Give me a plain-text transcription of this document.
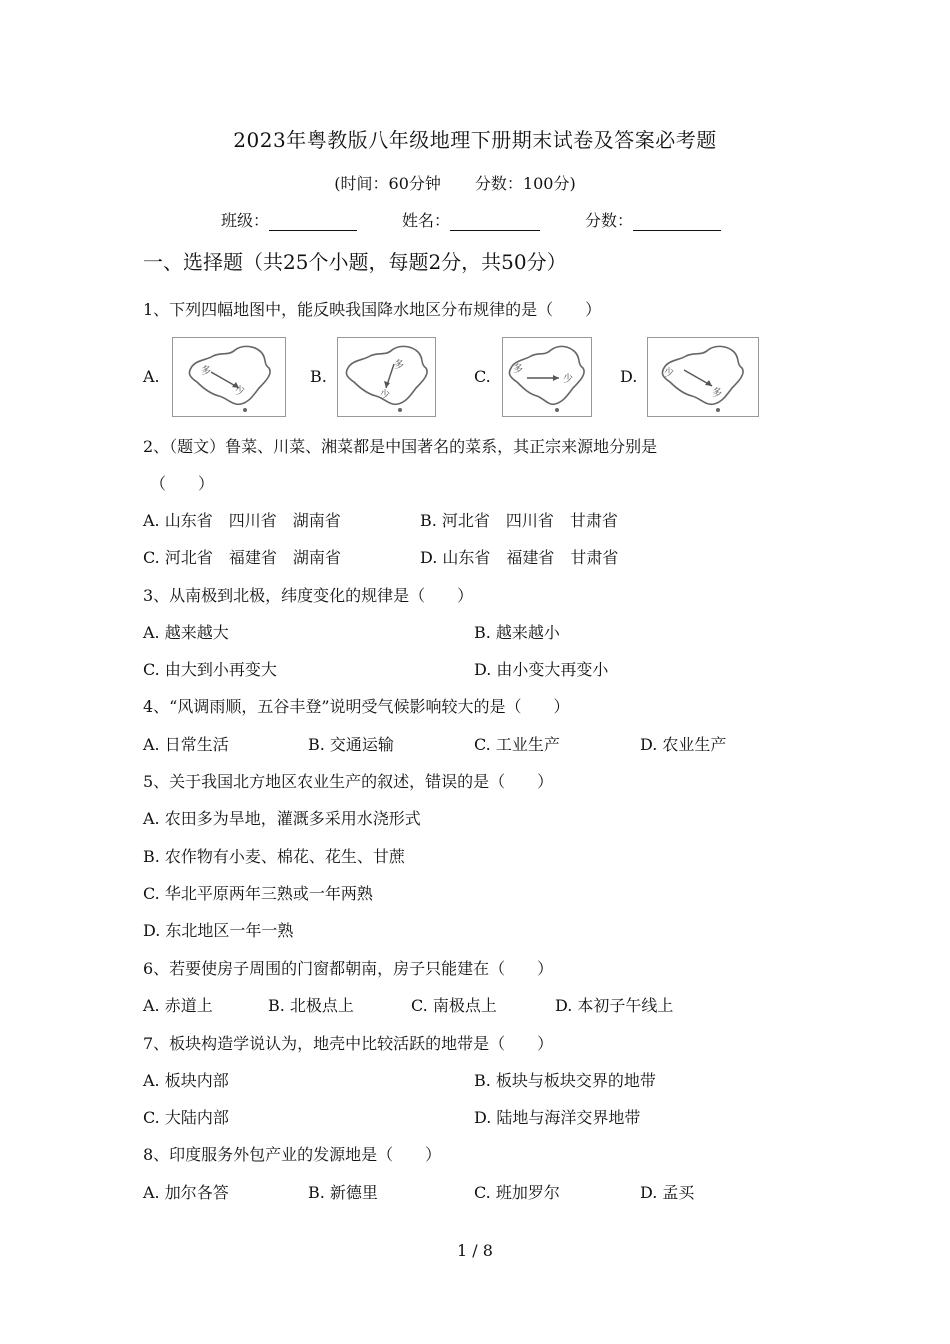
2023年粤教版八年级地理下册期末试卷及答案必考题
(时间：60分钟 分数：100分)
班级：	姓名：	分数：
一、选择题（共25个小题，每题2分，共50分）
1、下列四幅地图中，能反映我国降水地区分布规律的是（　　）
A.	多
少
B.
多
少
C. 多
少	D.	少
多
2、（题文）鲁菜、川菜、湘菜都是中国著名的菜系，其正宗来源地分别是
（　　）
A. 山东省　四川省　湖南省	B. 河北省　四川省　甘肃省
C. 河北省　福建省　湖南省	D. 山东省　福建省　甘肃省
3、从南极到北极，纬度变化的规律是（　　）
A. 越来越大	B. 越来越小
C. 由大到小再变大	D. 由小变大再变小
4、“风调雨顺，五谷丰登”说明受气候影响较大的是（　　）
A. 日常生活	B. 交通运输	C. 工业生产	D. 农业生产
5、关于我国北方地区农业生产的叙述，错误的是（　　）
A. 农田多为旱地，灌溉多采用水浇形式
B. 农作物有小麦、棉花、花生、甘蔗
C. 华北平原两年三熟或一年两熟
D. 东北地区一年一熟
6、若要使房子周围的门窗都朝南，房子只能建在（　　）
A. 赤道上	B. 北极点上	C. 南极点上	D. 本初子午线上
7、板块构造学说认为，地壳中比较活跃的地带是（　　）
A. 板块内部	B. 板块与板块交界的地带
C. 大陆内部	D. 陆地与海洋交界地带
8、印度服务外包产业的发源地是（　　）
A. 加尔各答	B. 新德里	C. 班加罗尔	D. 孟买
1 / 8
